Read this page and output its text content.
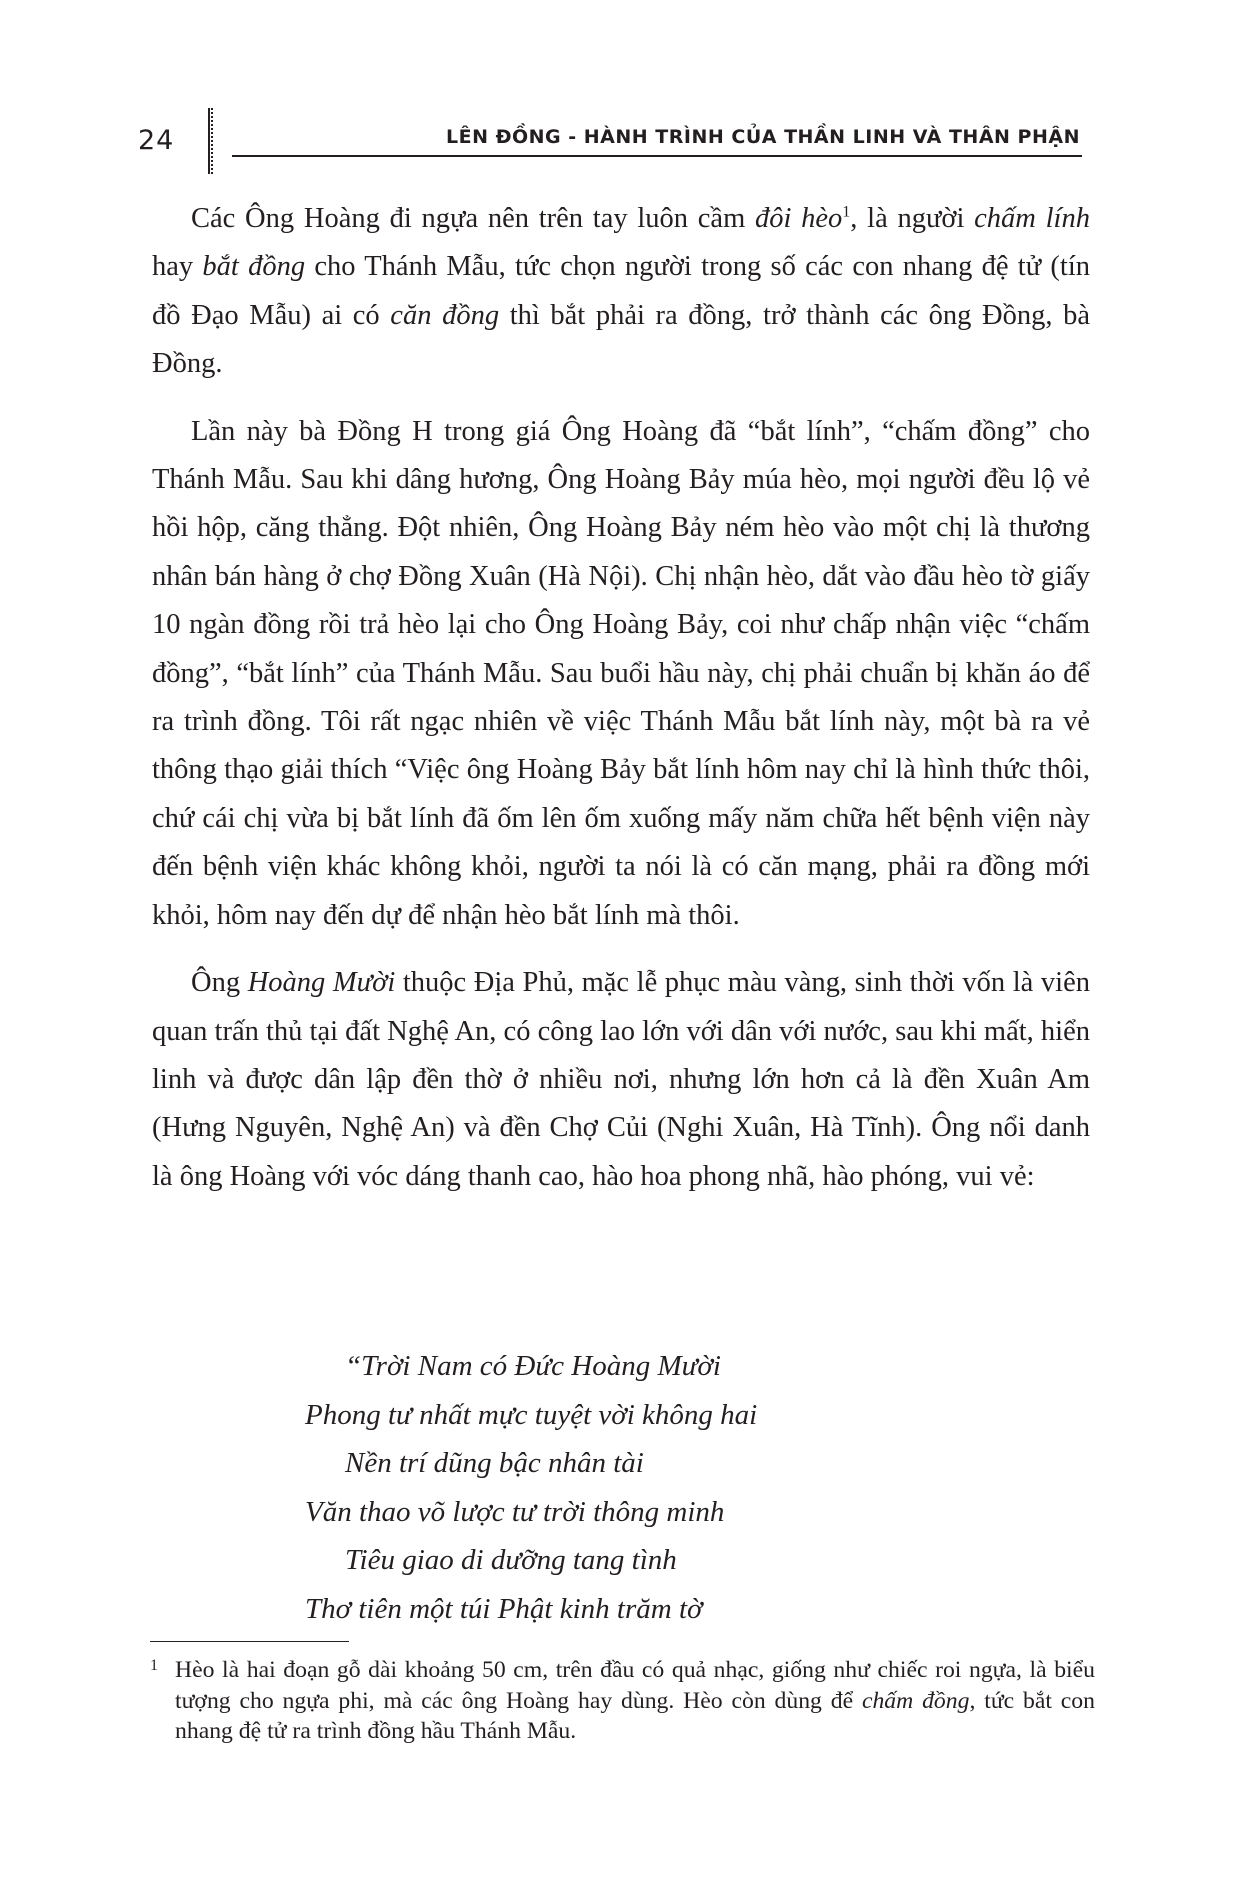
24	LÊN ĐỒNG - HÀNH TRÌNH CỦA THẦN LINH VÀ THÂN PHẬN

Các Ông Hoàng đi ngựa nên trên tay luôn cầm đôi hèo$^1$, là người chấm lính hay bắt đồng cho Thánh Mẫu, tức chọn người trong số các con nhang đệ tử (tín đồ Đạo Mẫu) ai có căn đồng thì bắt phải ra đồng, trở thành các ông Đồng, bà Đồng.

Lần này bà Đồng H trong giá Ông Hoàng đã “bắt lính”, “chấm đồng” cho Thánh Mẫu. Sau khi dâng hương, Ông Hoàng Bảy múa hèo, mọi người đều lộ vẻ hồi hộp, căng thẳng. Đột nhiên, Ông Hoàng Bảy ném hèo vào một chị là thương nhân bán hàng ở chợ Đồng Xuân (Hà Nội). Chị nhận hèo, dắt vào đầu hèo tờ giấy 10 ngàn đồng rồi trả hèo lại cho Ông Hoàng Bảy, coi như chấp nhận việc “chấm đồng”, “bắt lính” của Thánh Mẫu. Sau buổi hầu này, chị phải chuẩn bị khăn áo để ra trình đồng. Tôi rất ngạc nhiên về việc Thánh Mẫu bắt lính này, một bà ra vẻ thông thạo giải thích “Việc ông Hoàng Bảy bắt lính hôm nay chỉ là hình thức thôi, chứ cái chị vừa bị bắt lính đã ốm lên ốm xuống mấy năm chữa hết bệnh viện này đến bệnh viện khác không khỏi, người ta nói là có căn mạng, phải ra đồng mới khỏi, hôm nay đến dự để nhận hèo bắt lính mà thôi.

Ông Hoàng Mười thuộc Địa Phủ, mặc lễ phục màu vàng, sinh thời vốn là viên quan trấn thủ tại đất Nghệ An, có công lao lớn với dân với nước, sau khi mất, hiển linh và được dân lập đền thờ ở nhiều nơi, nhưng lớn hơn cả là đền Xuân Am (Hưng Nguyên, Nghệ An) và đền Chợ Củi (Nghi Xuân, Hà Tĩnh). Ông nổi danh là ông Hoàng với vóc dáng thanh cao, hào hoa phong nhã, hào phóng, vui vẻ:

“Trời Nam có Đức Hoàng Mười
Phong tư nhất mực tuyệt vời không hai
Nền trí dũng bậc nhân tài
Văn thao võ lược tư trời thông minh
Tiêu giao di dưỡng tang tình
Thơ tiên một túi Phật kinh trăm tờ
1 Hèo là hai đoạn gỗ dài khoảng 50 cm, trên đầu có quả nhạc, giống như chiếc roi ngựa, là biểu tượng cho ngựa phi, mà các ông Hoàng hay dùng. Hèo còn dùng để chấm đồng, tức bắt con nhang đệ tử ra trình đồng hầu Thánh Mẫu.
